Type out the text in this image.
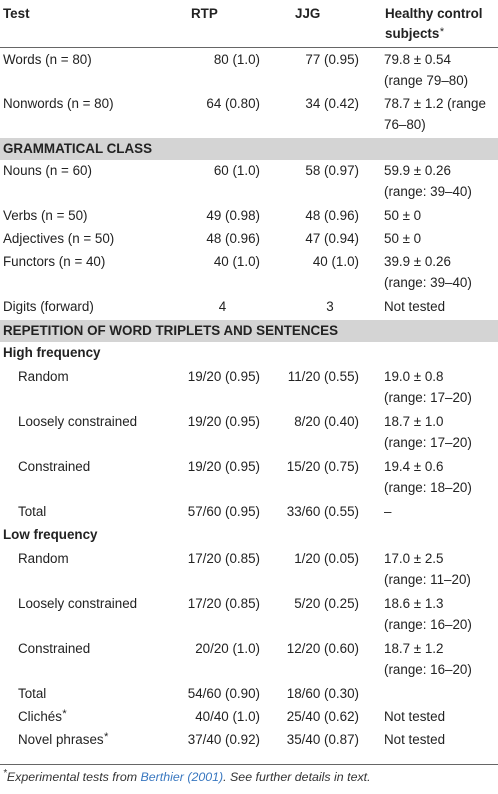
Test	RTP	JJG	Healthy control
subjects*

Words (n = 80)	80 (1.0)	77 (0.95)	79.8 ± 0.54
(range 79–80)
Nonwords (n = 80)	64 (0.80)	34 (0.42)	78.7 ± 1.2 (range
76–80)
GRAMMATICAL CLASS			
Nouns (n = 60)	60 (1.0)	58 (0.97)	59.9 ± 0.26
(range: 39–40)
Verbs (n = 50)	49 (0.98)	48 (0.96)	50 ± 0
Adjectives (n = 50)	48 (0.96)	47 (0.94)	50 ± 0
Functors (n = 40)	40 (1.0)	40 (1.0)	39.9 ± 0.26
(range: 39–40)
Digits (forward)	4	3	Not tested
REPETITION OF WORD TRIPLETS AND SENTENCES			
High frequency			
Random	19/20 (0.95)	11/20 (0.55)	19.0 ± 0.8
(range: 17–20)
Loosely constrained	19/20 (0.95)	8/20 (0.40)	18.7 ± 1.0
(range: 17–20)
Constrained	19/20 (0.95)	15/20 (0.75)	19.4 ± 0.6
(range: 18–20)
Total	57/60 (0.95)	33/60 (0.55)	–
Low frequency			
Random	17/20 (0.85)	1/20 (0.05)	17.0 ± 2.5
(range: 11–20)
Loosely constrained	17/20 (0.85)	5/20 (0.25)	18.6 ± 1.3
(range: 16–20)
Constrained	20/20 (1.0)	12/20 (0.60)	18.7 ± 1.2
(range: 16–20)
Total	54/60 (0.90)	18/60 (0.30)	
Clichés*	40/40 (1.0)	25/40 (0.62)	Not tested
Novel phrases*	37/40 (0.92)	35/40 (0.87)	Not tested
*Experimental tests from Berthier (2001). See further details in text.
